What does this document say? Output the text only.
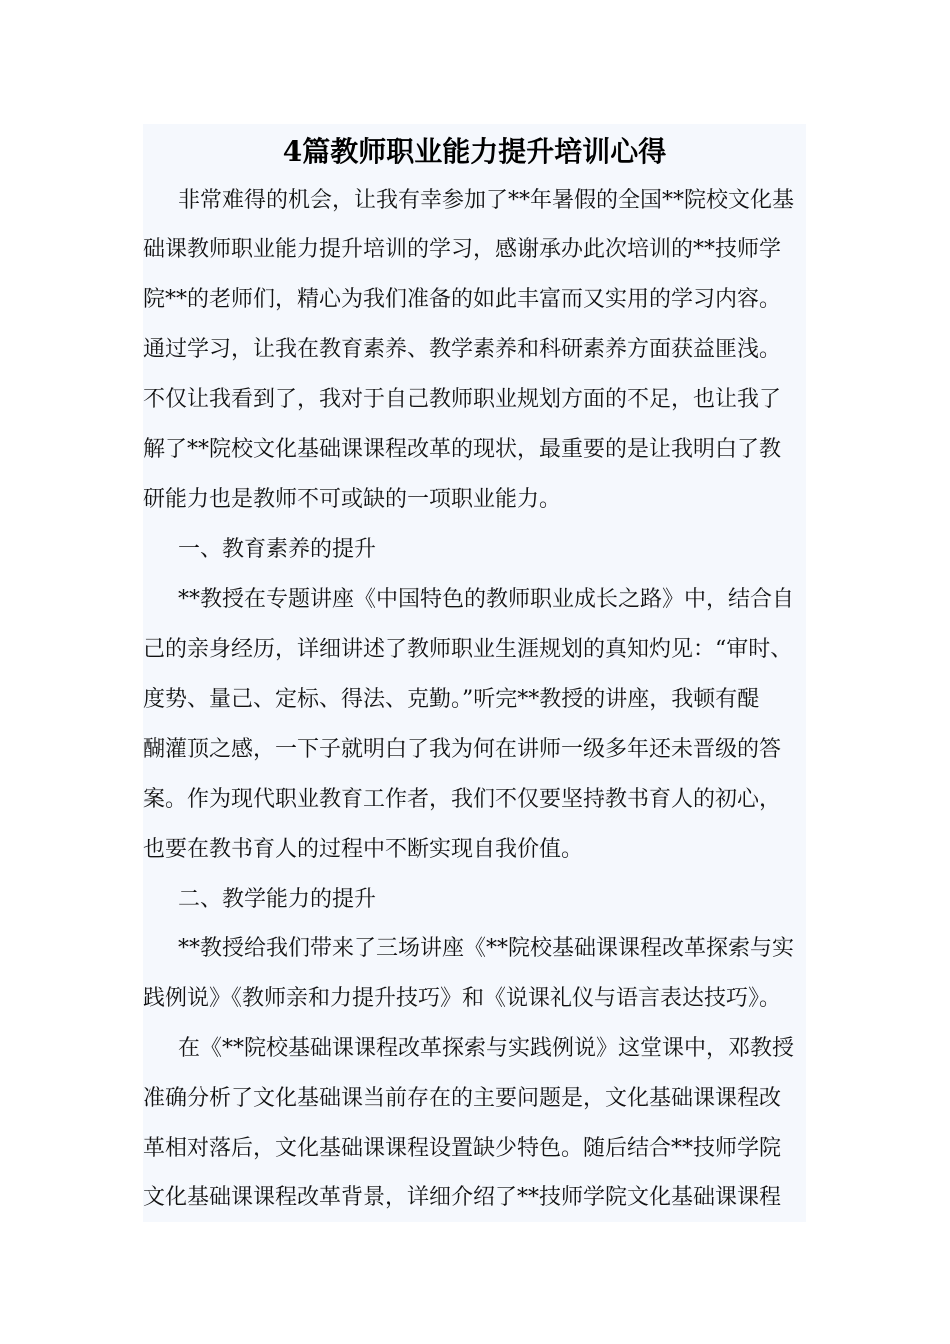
4篇教师职业能力提升培训心得

非常难得的机会，让我有幸参加了**年暑假的全国**院校文化基

础课教师职业能力提升培训的学习，感谢承办此次培训的**技师学

院**的老师们，精心为我们准备的如此丰富而又实用的学习内容。

通过学习，让我在教育素养、教学素养和科研素养方面获益匪浅。

不仅让我看到了，我对于自己教师职业规划方面的不足，也让我了

解了**院校文化基础课课程改革的现状，最重要的是让我明白了教

研能力也是教师不可或缺的一项职业能力。

一、教育素养的提升

**教授在专题讲座《中国特色的教师职业成长之路》中，结合自

己的亲身经历，详细讲述了教师职业生涯规划的真知灼见：“审时、

度势、量己、定标、得法、克勤。”听完**教授的讲座，我顿有醍

醐灌顶之感，一下子就明白了我为何在讲师一级多年还未晋级的答

案。作为现代职业教育工作者，我们不仅要坚持教书育人的初心，

也要在教书育人的过程中不断实现自我价值。

二、教学能力的提升

**教授给我们带来了三场讲座《**院校基础课课程改革探索与实

践例说》《教师亲和力提升技巧》和《说课礼仪与语言表达技巧》。

在《**院校基础课课程改革探索与实践例说》这堂课中，邓教授

准确分析了文化基础课当前存在的主要问题是，文化基础课课程改

革相对落后，文化基础课课程设置缺少特色。随后结合**技师学院

文化基础课课程改革背景，详细介绍了**技师学院文化基础课课程
